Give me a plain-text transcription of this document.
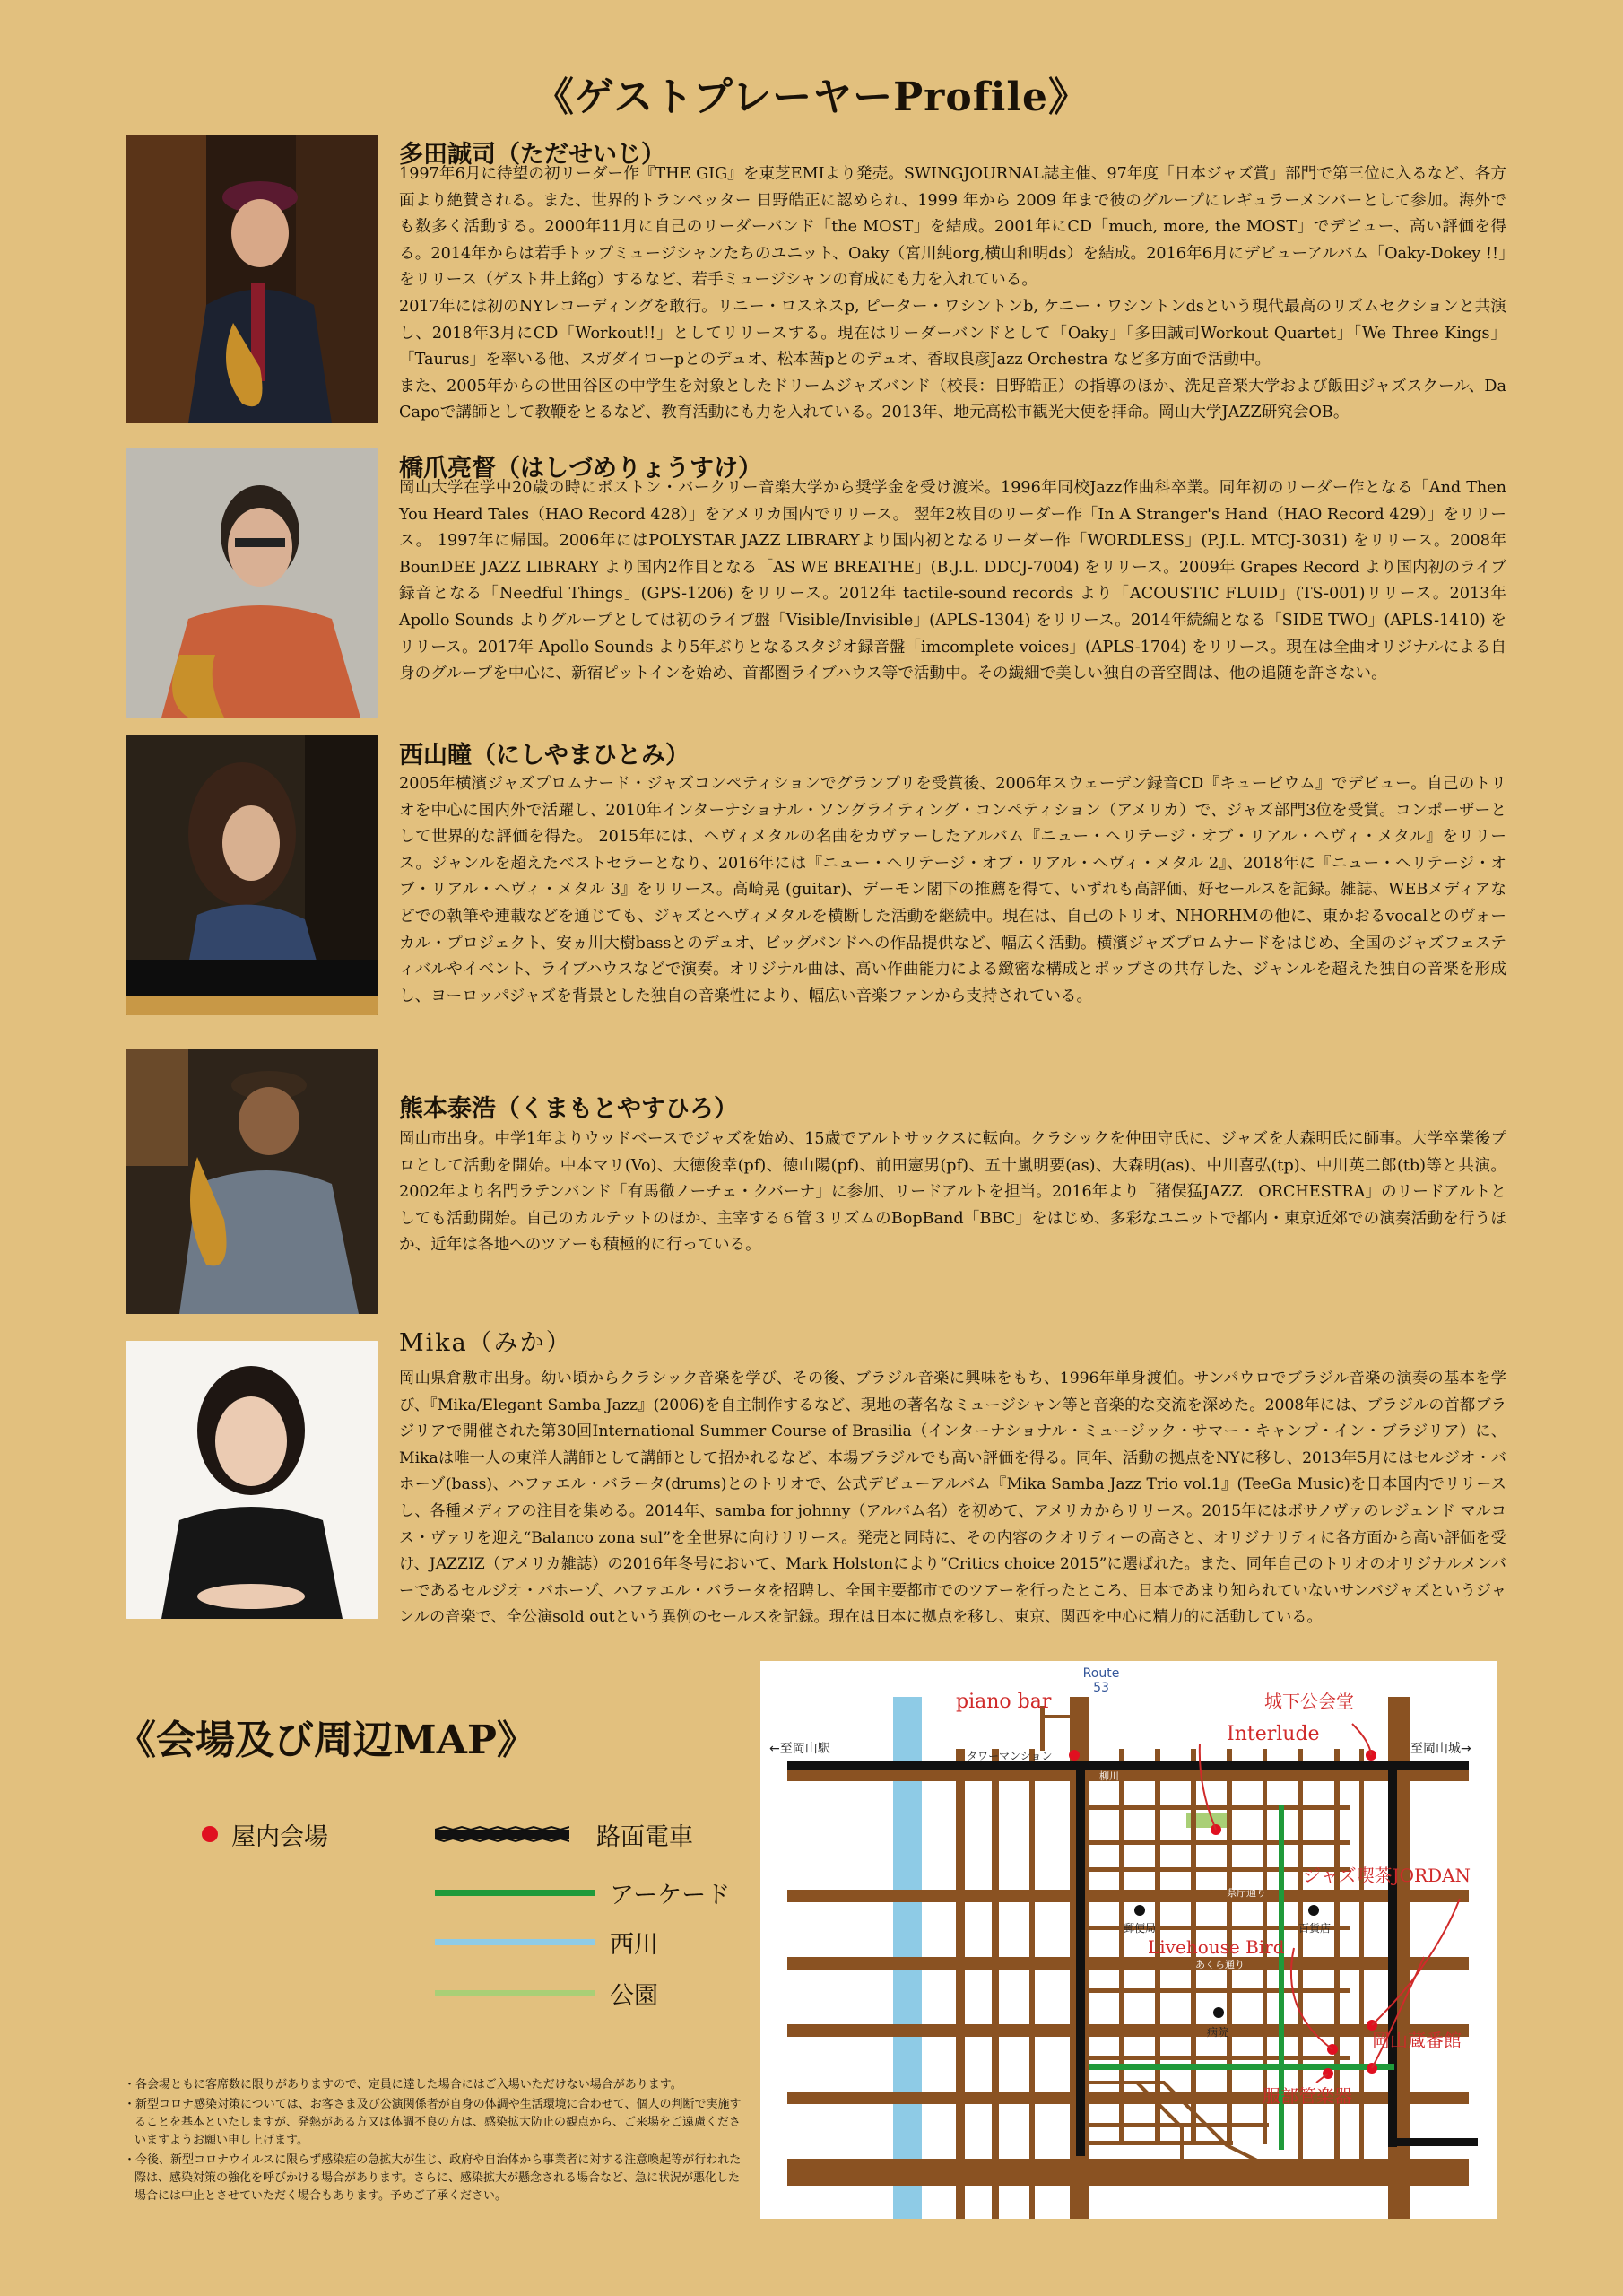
《ゲストプレーヤーProfile》
多田誠司（ただせいじ）
1997年6月に待望の初リーダー作『THE GIG』を東芝EMIより発売。SWINGJOURNAL誌主催、97年度「日本ジャズ賞」部門で第三位に入るなど、各方面より絶賛される。また、世界的トランペッター 日野皓正に認められ、1999 年から 2009 年まで彼のグループにレギュラーメンバーとして参加。海外でも数多く活動する。2000年11月に自己のリーダーバンド「the MOST」を結成。2001年にCD「much, more, the MOST」でデビュー、高い評価を得る。2014年からは若手トップミュージシャンたちのユニット、Oaky（宮川純org,横山和明ds）を結成。2016年6月にデビューアルバム「Oaky-Dokey !!」をリリース（ゲスト井上銘g）するなど、若手ミュージシャンの育成にも力を入れている。
2017年には初のNYレコーディングを敢行。リニー・ロスネスp, ピーター・ワシントンb, ケニー・ワシントンdsという現代最高のリズムセクションと共演し、2018年3月にCD「Workout!!」としてリリースする。現在はリーダーバンドとして「Oaky」「多田誠司Workout Quartet」「We Three Kings」「Taurus」を率いる他、スガダイローpとのデュオ、松本茜pとのデュオ、香取良彦Jazz Orchestra など多方面で活動中。
また、2005年からの世田谷区の中学生を対象としたドリームジャズバンド（校長：日野皓正）の指導のほか、洗足音楽大学および飯田ジャズスクール、Da Capoで講師として教鞭をとるなど、教育活動にも力を入れている。2013年、地元高松市観光大使を拝命。岡山大学JAZZ研究会OB。
橋爪亮督（はしづめりょうすけ）
岡山大学在学中20歳の時にボストン・バークリー音楽大学から奨学金を受け渡米。1996年同校Jazz作曲科卒業。同年初のリーダー作となる「And Then You Heard Tales（HAO Record 428）」をアメリカ国内でリリース。 翌年2枚目のリーダー作「In A Stranger's Hand（HAO Record 429）」をリリース。 1997年に帰国。2006年にはPOLYSTAR JAZZ LIBRARYより国内初となるリーダー作「WORDLESS」(P.J.L. MTCJ-3031) をリリース。2008年 BounDEE JAZZ LIBRARY より国内2作目となる「AS WE BREATHE」(B.J.L. DDCJ-7004) をリリース。2009年 Grapes Record より国内初のライブ録音となる「Needful Things」(GPS-1206) をリリース。2012年 tactile‐sound records より「ACOUSTIC FLUID」(TS-001)リリース。2013年 Apollo Sounds よりグループとしては初のライブ盤「Visible/Invisible」(APLS-1304) をリリース。2014年続編となる「SIDE TWO」(APLS-1410) をリリース。2017年 Apollo Sounds より5年ぶりとなるスタジオ録音盤「imcomplete voices」(APLS-1704) をリリース。現在は全曲オリジナルによる自身のグループを中心に、新宿ピットインを始め、首都圏ライブハウス等で活動中。その繊細で美しい独自の音空間は、他の追随を許さない。
西山瞳（にしやまひとみ）
2005年横濱ジャズプロムナード・ジャズコンペティションでグランプリを受賞後、2006年スウェーデン録音CD『キュービウム』でデビュー。自己のトリオを中心に国内外で活躍し、2010年インターナショナル・ソングライティング・コンペティション（アメリカ）で、ジャズ部門3位を受賞。コンポーザーとして世界的な評価を得た。 2015年には、ヘヴィメタルの名曲をカヴァーしたアルバム『ニュー・ヘリテージ・オブ・リアル・ヘヴィ・メタル』をリリース。ジャンルを超えたベストセラーとなり、2016年には『ニュー・ヘリテージ・オブ・リアル・ヘヴィ・メタル 2』、2018年に『ニュー・ヘリテージ・オブ・リアル・ヘヴィ・メタル 3』をリリース。高崎晃 (guitar)、デーモン閣下の推薦を得て、いずれも高評価、好セールスを記録。雑誌、WEBメディアなどでの執筆や連載などを通じても、ジャズとヘヴィメタルを横断した活動を継続中。現在は、自己のトリオ、NHORHMの他に、東かおるvocalとのヴォーカル・プロジェクト、安ヵ川大樹bassとのデュオ、ビッグバンドへの作品提供など、幅広く活動。横濱ジャズプロムナードをはじめ、全国のジャズフェスティバルやイベント、ライブハウスなどで演奏。オリジナル曲は、高い作曲能力による緻密な構成とポップさの共存した、ジャンルを超えた独自の音楽を形成し、ヨーロッパジャズを背景とした独自の音楽性により、幅広い音楽ファンから支持されている。
熊本泰浩（くまもとやすひろ）
岡山市出身。中学1年よりウッドベースでジャズを始め、15歳でアルトサックスに転向。クラシックを仲田守氏に、ジャズを大森明氏に師事。大学卒業後プロとして活動を開始。中本マリ(Vo)、大徳俊幸(pf)、徳山陽(pf)、前田憲男(pf)、五十嵐明要(as)、大森明(as)、中川喜弘(tp)、中川英二郎(tb)等と共演。2002年より名門ラテンバンド「有馬徹ノーチェ・クバーナ」に参加、リードアルトを担当。2016年より「猪俣猛JAZZ　ORCHESTRA」のリードアルトとしても活動開始。自己のカルテットのほか、主宰する６管３リズムのBopBand「BBC」をはじめ、多彩なユニットで都内・東京近郊での演奏活動を行うほか、近年は各地へのツアーも積極的に行っている。
Mika（みか）
岡山県倉敷市出身。幼い頃からクラシック音楽を学び、その後、ブラジル音楽に興味をもち、1996年単身渡伯。サンパウロでブラジル音楽の演奏の基本を学び、『Mika/Elegant Samba Jazz』(2006)を自主制作するなど、現地の著名なミュージシャン等と音楽的な交流を深めた。2008年には、ブラジルの首都ブラジリアで開催された第30回International Summer Course of Brasilia（インターナショナル・ミュージック・サマー・キャンプ・イン・ブラジリア）に、Mikaは唯一人の東洋人講師として講師として招かれるなど、本場ブラジルでも高い評価を得る。同年、活動の拠点をNYに移し、2013年5月にはセルジオ・バホーゾ(bass)、ハファエル・バラータ(drums)とのトリオで、公式デビューアルバム『Mika Samba Jazz Trio vol.1』(TeeGa Music)を日本国内でリリースし、各種メディアの注目を集める。2014年、samba for johnny（アルバム名）を初めて、アメリカからリリース。2015年にはボサノヴァのレジェンド マルコス・ヴァリを迎え“Balanco zona sul”を全世界に向けリリース。発売と同時に、その内容のクオリティーの高さと、オリジナリティに各方面から高い評価を受け、JAZZIZ（アメリカ雑誌）の2016年冬号において、Mark Holstonにより“Critics choice 2015”に選ばれた。また、同年自己のトリオのオリジナルメンバーであるセルジオ・バホーゾ、ハファエル・バラータを招聘し、全国主要都市でのツアーを行ったところ、日本であまり知られていないサンバジャズというジャンルの音楽で、全公演sold outという異例のセールスを記録。現在は日本に拠点を移し、東京、関西を中心に精力的に活動している。
《会場及び周辺MAP》
屋内会場	路面電車
アーケード
西川
公園
・各会場ともに客席数に限りがありますので、定員に達した場合にはご入場いただけない場合があります。
・新型コロナ感染対策については、お客さま及び公演関係者が自身の体調や生活環境に合わせて、個人の判断で実施することを基本といたしますが、発熱がある方又は体調不良の方は、感染拡大防止の観点から、ご来場をご遠慮くださいますようお願い申し上げます。
・今後、新型コロナウイルスに限らず感染症の急拡大が生じ、政府や自治体から事業者に対する注意喚起等が行われた際は、感染対策の強化を呼びかける場合があります。さらに、感染拡大が懸念される場合など、急に状況が悪化した場合には中止とさせていただく場合もあります。予めご了承ください。
Route
53
←至岡山駅	至岡山城→
タワーマンション
柳川
県庁通り
郵便局	百貨店
あくら通り
病院
大雲寺
piano bar	城下公会堂
Interlude
ジャズ喫茶JORDAN
Livehouse Bird
岡山蔵番館
服部管楽器
